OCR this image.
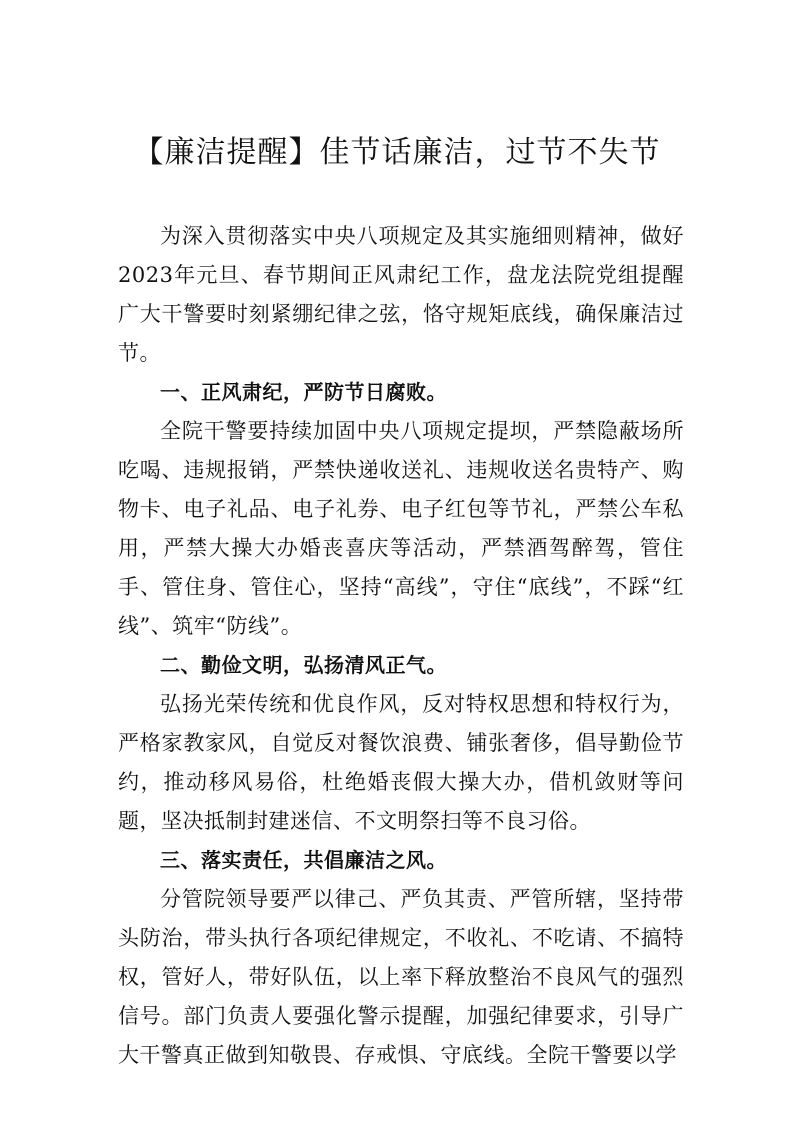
【廉洁提醒】佳节话廉洁，过节不失节

为深入贯彻落实中央八项规定及其实施细则精神，做好2023年元旦、春节期间正风肃纪工作，盘龙法院党组提醒广大干警要时刻紧绷纪律之弦，恪守规矩底线，确保廉洁过节。

一、正风肃纪，严防节日腐败。

全院干警要持续加固中央八项规定提坝，严禁隐蔽场所吃喝、违规报销，严禁快递收送礼、违规收送名贵特产、购物卡、电子礼品、电子礼券、电子红包等节礼，严禁公车私用，严禁大操大办婚丧喜庆等活动，严禁酒驾醉驾，管住手、管住身、管住心，坚持“高线”，守住“底线”，不踩“红线”、筑牢“防线”。

二、勤俭文明，弘扬清风正气。

弘扬光荣传统和优良作风，反对特权思想和特权行为，严格家教家风，自觉反对餐饮浪费、铺张奢侈，倡导勤俭节约，推动移风易俗，杜绝婚丧假大操大办，借机敛财等问题，坚决抵制封建迷信、不文明祭扫等不良习俗。

三、落实责任，共倡廉洁之风。

分管院领导要严以律己、严负其责、严管所辖，坚持带头防治，带头执行各项纪律规定，不收礼、不吃请、不搞特权，管好人，带好队伍，以上率下释放整治不良风气的强烈信号。部门负责人要强化警示提醒，加强纪律要求，引导广大干警真正做到知敬畏、存戒惧、守底线。全院干警要以学
